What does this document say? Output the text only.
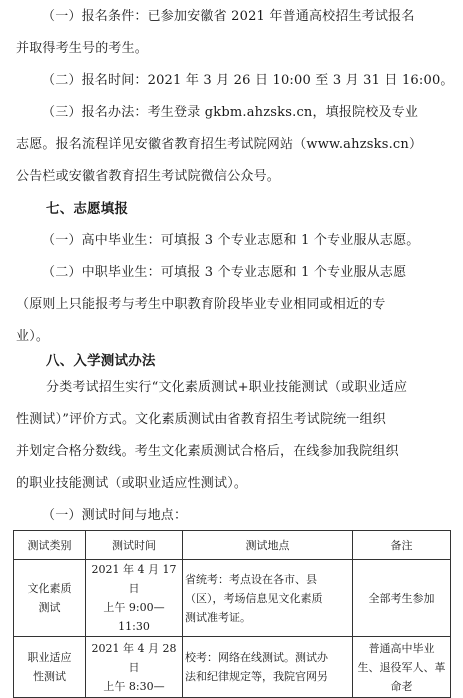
（一）报名条件：已参加安徽省 2021 年普通高校招生考试报名
并取得考生号的考生。
（二）报名时间：2021 年 3 月 26 日 10:00 至 3 月 31 日 16:00。
（三）报名办法：考生登录 gkbm.ahzsks.cn，填报院校及专业
志愿。报名流程详见安徽省教育招生考试院网站（www.ahzsks.cn）
公告栏或安徽省教育招生考试院微信公众号。
七、志愿填报
（一）高中毕业生：可填报 3 个专业志愿和 1 个专业服从志愿。
（二）中职毕业生：可填报 3 个专业志愿和 1 个专业服从志愿
（原则上只能报考与考生中职教育阶段毕业专业相同或相近的专
业）。
八、入学测试办法
分类考试招生实行“文化素质测试+职业技能测试（或职业适应
性测试）”评价方式。文化素质测试由省教育招生考试院统一组织
并划定合格分数线。考生文化素质测试合格后，在线参加我院组织
的职业技能测试（或职业适应性测试）。
（一）测试时间与地点：
测试类别	测试时间	测试地点	备注

文化素质
测试	2021 年 4 月 17 日
上午 9:00—
11:30	省统考：考点设在各市、县
（区），考场信息见文化素质
测试准考证。	全部考生参加

职业适应
性测试	2021 年 4 月 28 日
上午 8:30—	校考：网络在线测试。测试办
法和纪律规定等，我院官网另	普通高中毕业
生、退役军人、革命老
